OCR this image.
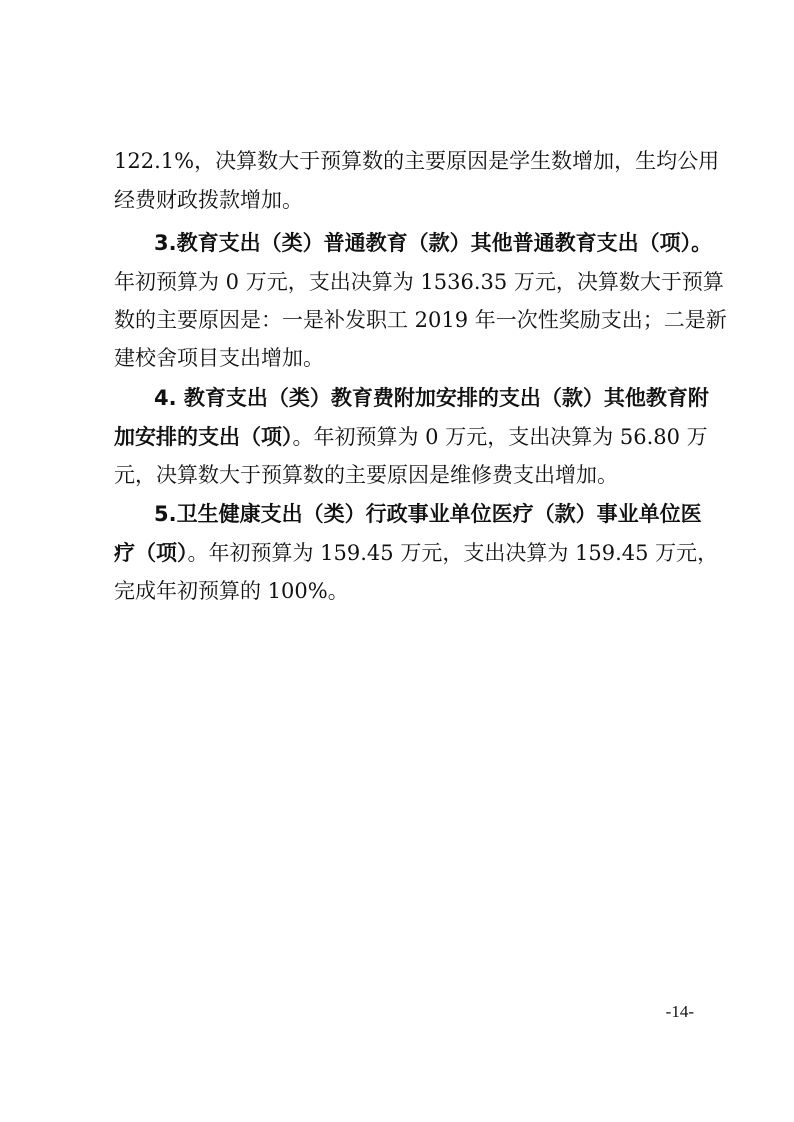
122.1%，决算数大于预算数的主要原因是学生数增加，生均公用
经费财政拨款增加。
3.教育支出（类）普通教育（款）其他普通教育支出（项）。
年初预算为 0 万元，支出决算为 1536.35 万元，决算数大于预算
数的主要原因是：一是补发职工 2019 年一次性奖励支出；二是新
建校舍项目支出增加。
4. 教育支出（类）教育费附加安排的支出（款）其他教育附
加安排的支出（项）。年初预算为 0 万元，支出决算为 56.80 万
元，决算数大于预算数的主要原因是维修费支出增加。
5.卫生健康支出（类）行政事业单位医疗（款）事业单位医
疗（项）。年初预算为 159.45 万元，支出决算为 159.45 万元，
完成年初预算的 100%。
-14-
